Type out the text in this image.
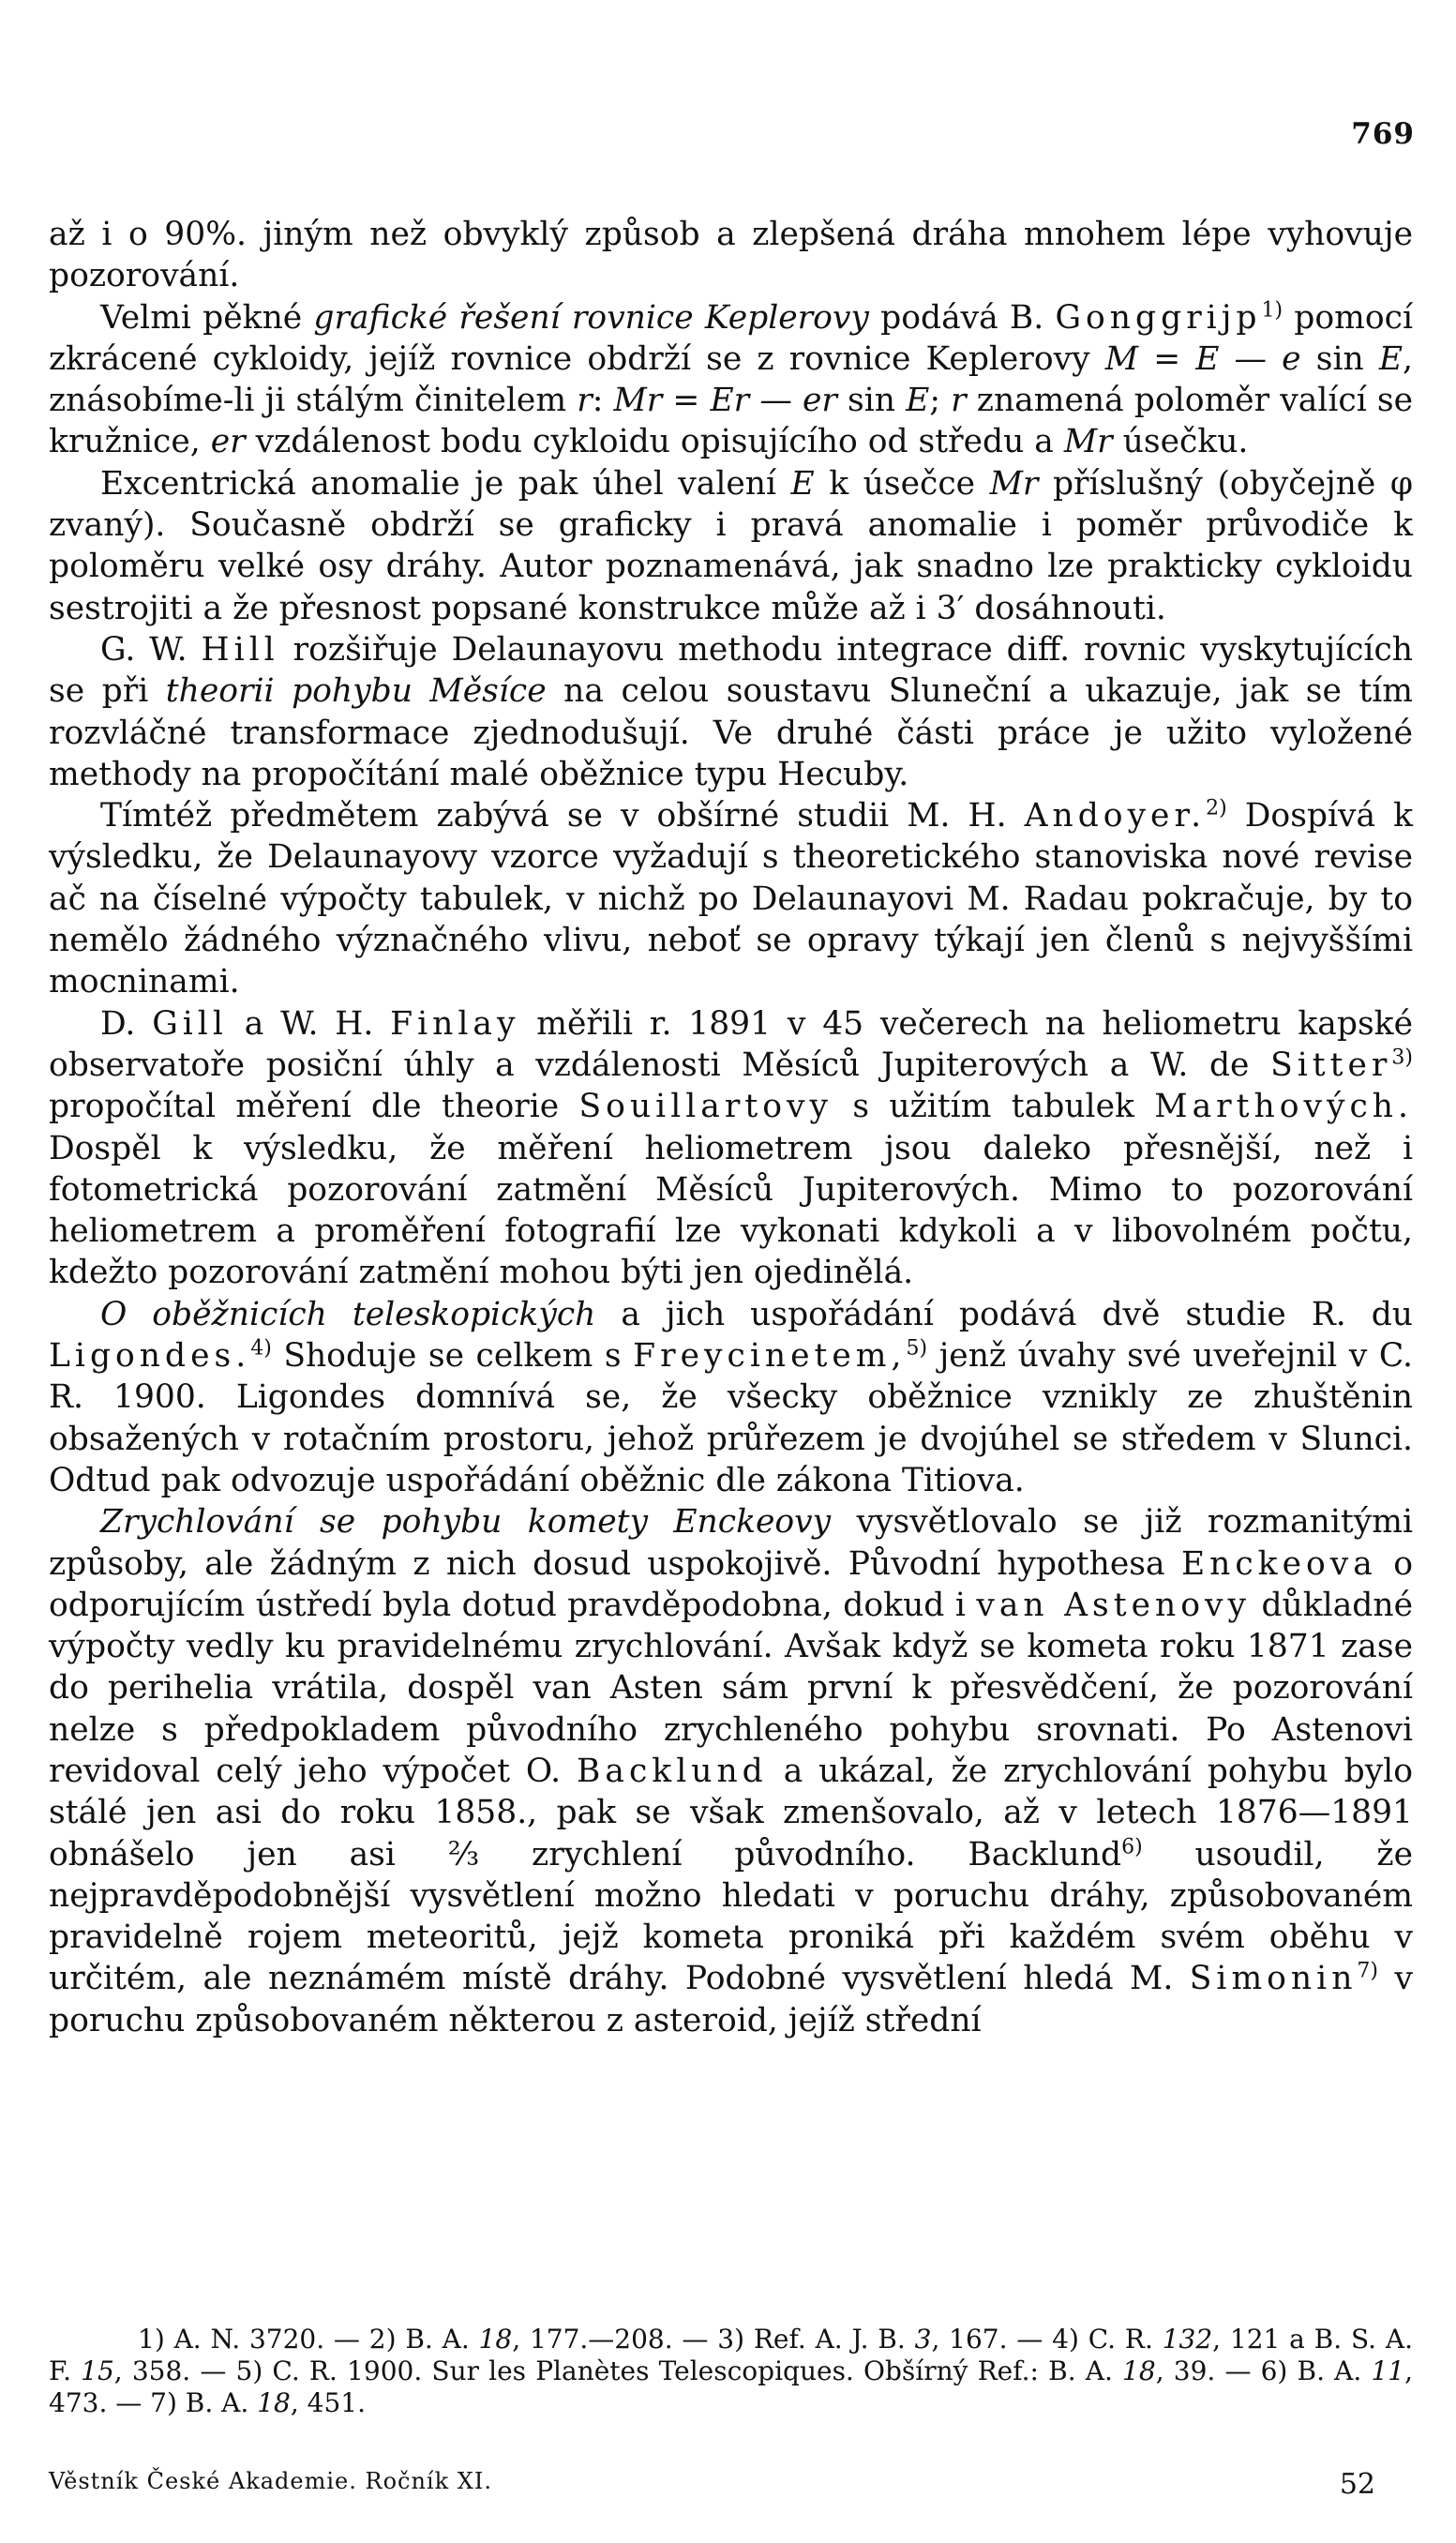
769

až i o 90%. jiným než obvyklý způsob a zlepšená dráha mnohem lépe vyhovuje pozorování.

Velmi pěkné grafické řešení rovnice Keplerovy podává B. Gonggrijp$^{1)}$ pomocí zkrácené cykloidy, jejíž rovnice obdrží se z rovnice Keplerovy M = E — e sin E, znásobíme-li ji stálým činitelem r: Mr = Er — er sin E; r znamená poloměr valící se kružnice, er vzdálenost bodu cykloidu opisujícího od středu a Mr úsečku.

Excentrická anomalie je pak úhel valení E k úsečce Mr příslušný (obyčejně φ zvaný). Současně obdrží se graficky i pravá anomalie i poměr průvodiče k poloměru velké osy dráhy. Autor poznamenává, jak snadno lze prakticky cykloidu sestrojiti a že přesnost popsané konstrukce může až i 3′ dosáhnouti.

G. W. Hill rozšiřuje Delaunayovu methodu integrace diff. rovnic vyskytujících se při theorii pohybu Měsíce na celou soustavu Sluneční a ukazuje, jak se tím rozvláčné transformace zjednodušují. Ve druhé části práce je užito vyložené methody na propočítání malé oběžnice typu Hecuby.

Tímtéž předmětem zabývá se v obšírné studii M. H. Andoyer.$^{2)}$ Dospívá k výsledku, že Delaunayovy vzorce vyžadují s theoretického stanoviska nové revise ač na číselné výpočty tabulek, v nichž po Delaunayovi M. Radau pokračuje, by to nemělo žádného význačného vlivu, neboť se opravy týkají jen členů s nejvyššími mocninami.

D. Gill a W. H. Finlay měřili r. 1891 v 45 večerech na heliometru kapské observatoře posiční úhly a vzdálenosti Měsíců Jupiterových a W. de Sitter$^{3)}$ propočítal měření dle theorie Souillartovy s užitím tabulek Marthových. Dospěl k výsledku, že měření heliometrem jsou daleko přesnější, než i fotometrická pozorování zatmění Měsíců Jupiterových. Mimo to pozorování heliometrem a proměření fotografií lze vykonati kdykoli a v libovolném počtu, kdežto pozorování zatmění mohou býti jen ojedinělá.

O oběžnicích teleskopických a jich uspořádání podává dvě studie R. du Ligondes.$^{4)}$ Shoduje se celkem s Freycinetem,$^{5)}$ jenž úvahy své uveřejnil v C. R. 1900. Ligondes domnívá se, že všecky oběžnice vznikly ze zhuštěnin obsažených v rotačním prostoru, jehož průřezem je dvojúhel se středem v Slunci. Odtud pak odvozuje uspořádání oběžnic dle zákona Titiova.

Zrychlování se pohybu komety Enckeovy vysvětlovalo se již rozmanitými způsoby, ale žádným z nich dosud uspokojivě. Původní hypothesa Enckeova o odporujícím ústředí byla dotud pravděpodobna, dokud i van Astenovy důkladné výpočty vedly ku pravidelnému zrychlování. Avšak když se kometa roku 1871 zase do perihelia vrátila, dospěl van Asten sám první k přesvědčení, že pozorování nelze s předpokladem původního zrychleného pohybu srovnati. Po Astenovi revidoval celý jeho výpočet O. Backlund a ukázal, že zrychlování pohybu bylo stálé jen asi do roku 1858., pak se však zmenšovalo, až v letech 1876—1891 obnášelo jen asi ⅔ zrychlení původního. Backlund$^{6)}$ usoudil, že nejpravděpodobnější vysvětlení možno hledati v poruchu dráhy, způsobovaném pravidelně rojem meteoritů, jejž kometa proniká při každém svém oběhu v určitém, ale neznámém místě dráhy. Podobné vysvětlení hledá M. Simonin$^{7)}$ v poruchu způsobovaném některou z asteroid, jejíž střední

1) A. N. 3720. — 2) B. A. 18, 177.—208. — 3) Ref. A. J. B. 3, 167. — 4) C. R. 132, 121 a B. S. A. F. 15, 358. — 5) C. R. 1900. Sur les Planètes Telescopiques. Obšírný Ref.: B. A. 18, 39. — 6) B. A. 11, 473. — 7) B. A. 18, 451.

Věstník České Akademie. Ročník XI.	52
